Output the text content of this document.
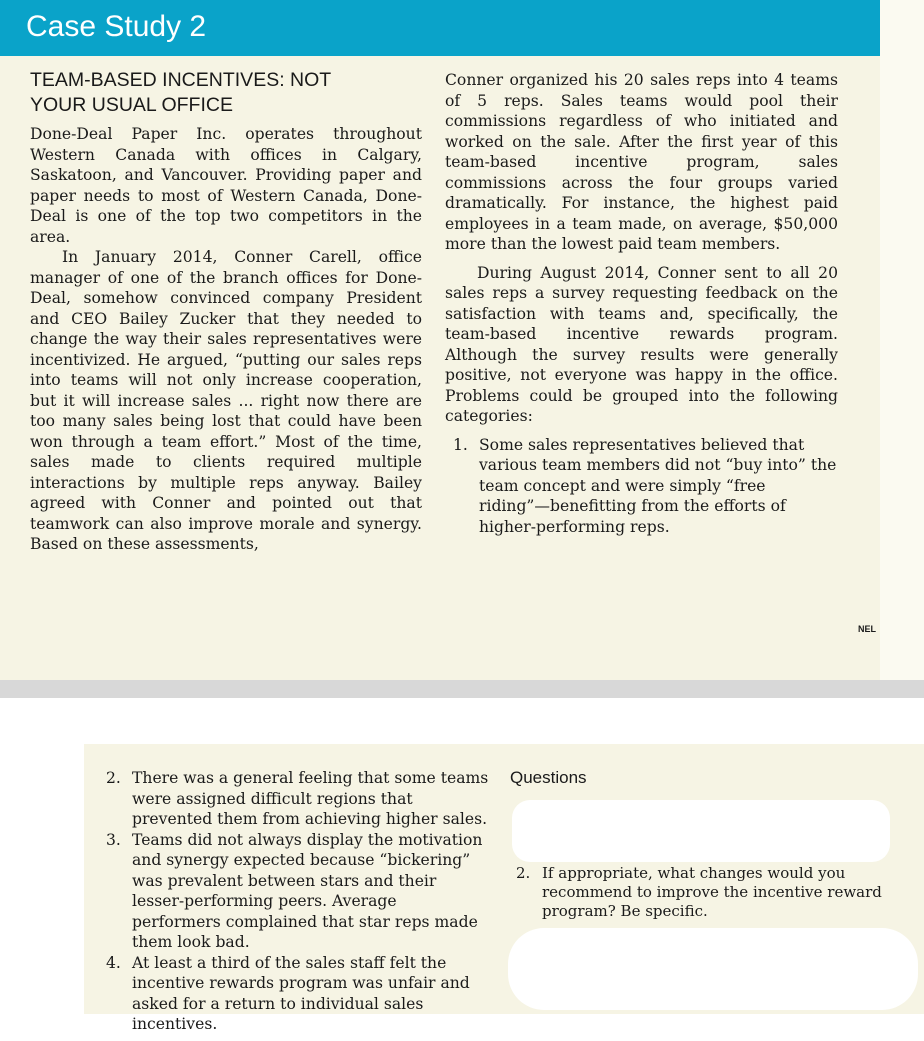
Case Study 2
TEAM-BASED INCENTIVES: NOT
YOUR USUAL OFFICE

Done-Deal Paper Inc. operates throughout Western Canada with offices in Calgary, Saskatoon, and Vancouver. Providing paper and paper needs to most of Western Canada, Done-Deal is one of the top two competitors in the area.

In January 2014, Conner Carell, office manager of one of the branch offices for Done-Deal, somehow convinced company President and CEO Bailey Zucker that they needed to change the way their sales representatives were incentivized. He argued, “putting our sales reps into teams will not only increase cooperation, but it will increase sales ... right now there are too many sales being lost that could have been won through a team effort.” Most of the time, sales made to clients required multiple interactions by multiple reps anyway. Bailey agreed with Conner and pointed out that teamwork can also improve morale and synergy. Based on these assessments,

Conner organized his 20 sales reps into 4 teams of 5 reps. Sales teams would pool their commissions regardless of who initiated and worked on the sale. After the first year of this team-based incentive program, sales commissions across the four groups varied dramatically. For instance, the highest paid employees in a team made, on average, $50,000 more than the lowest paid team members.

During August 2014, Conner sent to all 20 sales reps a survey requesting feedback on the satisfaction with teams and, specifically, the team-based incentive rewards program. Although the survey results were generally positive, not everyone was happy in the office. Problems could be grouped into the following categories:

1. Some sales representatives believed that various team members did not “buy into” the team concept and were simply “free riding”—benefitting from the efforts of higher-performing reps.
NEL
2. There was a general feeling that some teams were assigned difficult regions that prevented them from achieving higher sales.
3. Teams did not always display the motivation and synergy expected because “bickering” was prevalent between stars and their lesser-performing peers. Average performers complained that star reps made them look bad.
4. At least a third of the sales staff felt the incentive rewards program was unfair and asked for a return to individual sales incentives.
Questions
2. If appropriate, what changes would you recommend to improve the incentive reward program? Be specific.
